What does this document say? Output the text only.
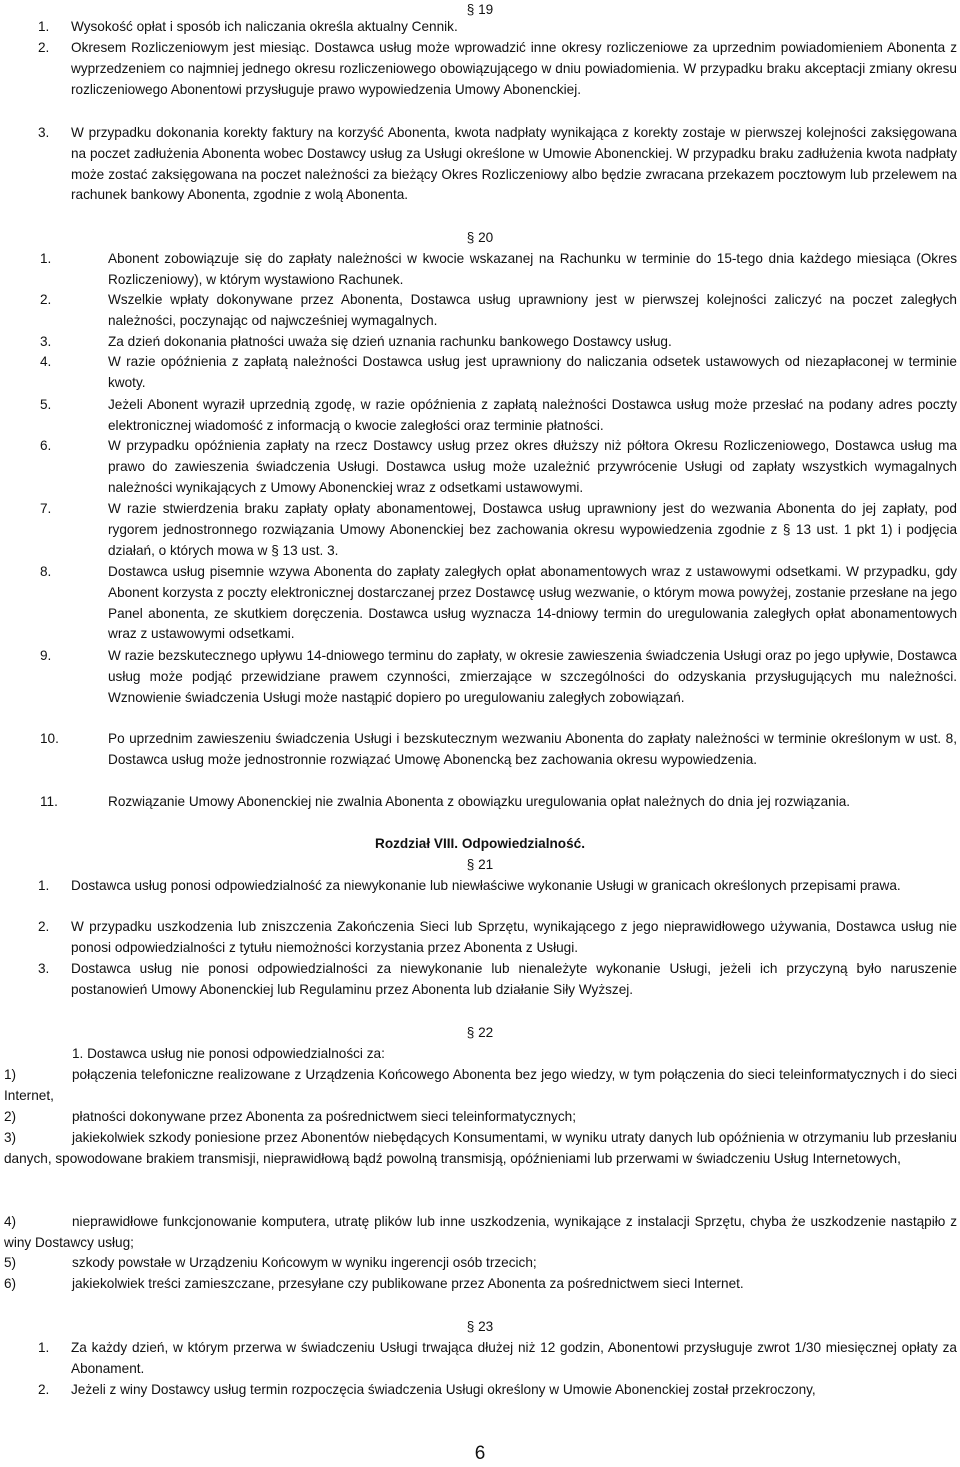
§ 19
1. Wysokość opłat i sposób ich naliczania określa aktualny Cennik.
2. Okresem Rozliczeniowym jest miesiąc. Dostawca usług może wprowadzić inne okresy rozliczeniowe za uprzednim powiadomieniem Abonenta z wyprzedzeniem co najmniej jednego okresu rozliczeniowego obowiązującego w dniu powiadomienia. W przypadku braku akceptacji zmiany okresu rozliczeniowego Abonentowi przysługuje prawo wypowiedzenia Umowy Abonenckiej.
3. W przypadku dokonania korekty faktury na korzyść Abonenta, kwota nadpłaty wynikająca z korekty zostaje w pierwszej kolejności zaksięgowana na poczet zadłużenia Abonenta wobec Dostawcy usług za Usługi określone w Umowie Abonenckiej. W przypadku braku zadłużenia kwota nadpłaty może zostać zaksięgowana na poczet należności za bieżący Okres Rozliczeniowy albo będzie zwracana przekazem pocztowym lub przelewem na rachunek bankowy Abonenta, zgodnie z wolą Abonenta.
§ 20
1.	Abonent zobowiązuje się do zapłaty należności w kwocie wskazanej na Rachunku w terminie do 15-tego dnia każdego miesiąca (Okres Rozliczeniowy), w którym wystawiono Rachunek.
2.	Wszelkie wpłaty dokonywane przez Abonenta, Dostawca usług uprawniony jest w pierwszej kolejności zaliczyć na poczet zaległych należności, poczynając od najwcześniej wymagalnych.
3.	Za dzień dokonania płatności uważa się dzień uznania rachunku bankowego Dostawcy usług.
4.	W razie opóźnienia z zapłatą należności Dostawca usług jest uprawniony do naliczania odsetek ustawowych od niezapłaconej w terminie kwoty.
5.	Jeżeli Abonent wyraził uprzednią zgodę, w razie opóźnienia z zapłatą należności Dostawca usług może przesłać na podany adres poczty elektronicznej wiadomość z informacją o kwocie zaległości oraz terminie płatności.
6.	W przypadku opóźnienia zapłaty na rzecz Dostawcy usług przez okres dłuższy niż półtora Okresu Rozliczeniowego, Dostawca usług ma prawo do zawieszenia świadczenia Usługi. Dostawca usług może uzależnić przywrócenie Usługi od zapłaty wszystkich wymagalnych należności wynikających z Umowy Abonenckiej wraz z odsetkami ustawowymi.
7.	W razie stwierdzenia braku zapłaty opłaty abonamentowej, Dostawca usług uprawniony jest do wezwania Abonenta do jej zapłaty, pod rygorem jednostronnego rozwiązania Umowy Abonenckiej bez zachowania okresu wypowiedzenia zgodnie z § 13 ust. 1 pkt 1) i podjęcia działań, o których mowa w § 13 ust. 3.
8.	Dostawca usług pisemnie wzywa Abonenta do zapłaty zaległych opłat abonamentowych wraz z ustawowymi odsetkami. W przypadku, gdy Abonent korzysta z poczty elektronicznej dostarczanej przez Dostawcę usług wezwanie, o którym mowa powyżej, zostanie przesłane na jego Panel abonenta, ze skutkiem doręczenia. Dostawca usług wyznacza 14-dniowy termin do uregulowania zaległych opłat abonamentowych wraz z ustawowymi odsetkami.
9.	W razie bezskutecznego upływu 14-dniowego terminu do zapłaty, w okresie zawieszenia świadczenia Usługi oraz po jego upływie, Dostawca usług może podjąć przewidziane prawem czynności, zmierzające w szczególności do odzyskania przysługujących mu należności. Wznowienie świadczenia Usługi może nastąpić dopiero po uregulowaniu zaległych zobowiązań.
10.	Po uprzednim zawieszeniu świadczenia Usługi i bezskutecznym wezwaniu Abonenta do zapłaty należności w terminie określonym w ust. 8, Dostawca usług może jednostronnie rozwiązać Umowę Abonencką bez zachowania okresu wypowiedzenia.
11.	Rozwiązanie Umowy Abonenckiej nie zwalnia Abonenta z obowiązku uregulowania opłat należnych do dnia jej rozwiązania.
Rozdział VIII. Odpowiedzialność.
§ 21
1. Dostawca usług ponosi odpowiedzialność za niewykonanie lub niewłaściwe wykonanie Usługi w granicach określonych przepisami prawa.
2. W przypadku uszkodzenia lub zniszczenia Zakończenia Sieci lub Sprzętu, wynikającego z jego nieprawidłowego używania, Dostawca usług nie ponosi odpowiedzialności z tytułu niemożności korzystania przez Abonenta z Usługi.
3. Dostawca usług nie ponosi odpowiedzialności za niewykonanie lub nienależyte wykonanie Usługi, jeżeli ich przyczyną było naruszenie postanowień Umowy Abonenckiej lub Regulaminu przez Abonenta lub działanie Siły Wyższej.
§ 22
1. Dostawca usług nie ponosi odpowiedzialności za:
1)	połączenia telefoniczne realizowane z Urządzenia Końcowego Abonenta bez jego wiedzy, w tym połączenia do sieci teleinformatycznych i do sieci Internet,
2)	płatności dokonywane przez Abonenta za pośrednictwem sieci teleinformatycznych;
3)	jakiekolwiek szkody poniesione przez Abonentów niebędących Konsumentami, w wyniku utraty danych lub opóźnienia w otrzymaniu lub przesłaniu danych, spowodowane brakiem transmisji, nieprawidłową bądź powolną transmisją, opóźnieniami lub przerwami w świadczeniu Usług Internetowych,
4)	nieprawidłowe funkcjonowanie komputera, utratę plików lub inne uszkodzenia, wynikające z instalacji Sprzętu, chyba że uszkodzenie nastąpiło z winy Dostawcy usług;
5)	szkody powstałe w Urządzeniu Końcowym w wyniku ingerencji osób trzecich;
6)	jakiekolwiek treści zamieszczane, przesyłane czy publikowane przez Abonenta za pośrednictwem sieci Internet.
§ 23
1. Za każdy dzień, w którym przerwa w świadczeniu Usługi trwająca dłużej niż 12 godzin, Abonentowi przysługuje zwrot 1/30 miesięcznej opłaty za Abonament.
2. Jeżeli z winy Dostawcy usług termin rozpoczęcia świadczenia Usługi określony w Umowie Abonenckiej został przekroczony,
6
